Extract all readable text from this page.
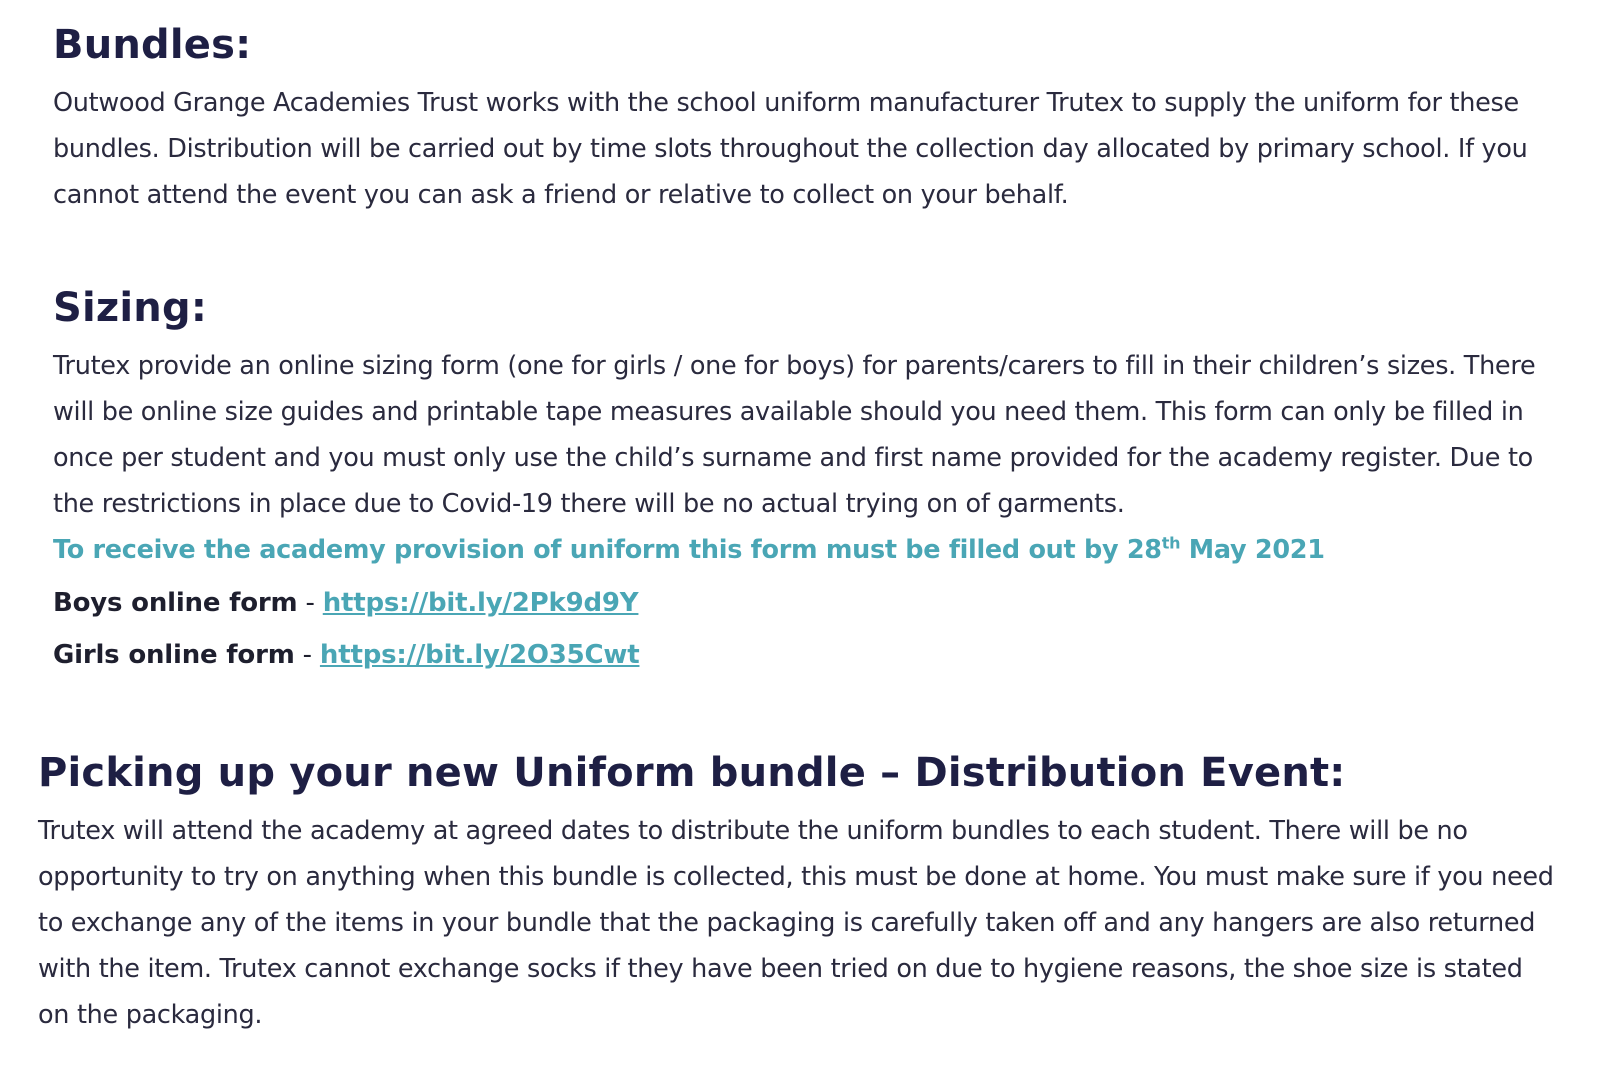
Bundles:

Outwood Grange Academies Trust works with the school uniform manufacturer Trutex to supply the uniform for these bundles. Distribution will be carried out by time slots throughout the collection day allocated by primary school. If you cannot attend the event you can ask a friend or relative to collect on your behalf.

Sizing:

Trutex provide an online sizing form (one for girls / one for boys) for parents/carers to fill in their children’s sizes. There will be online size guides and printable tape measures available should you need them. This form can only be filled in once per student and you must only use the child’s surname and first name provided for the academy register. Due to the restrictions in place due to Covid-19 there will be no actual trying on of garments.

To receive the academy provision of uniform this form must be filled out by 28th May 2021

Boys online form - https://bit.ly/2Pk9d9Y

Girls online form - https://bit.ly/2O35Cwt

Picking up your new Uniform bundle – Distribution Event:

Trutex will attend the academy at agreed dates to distribute the uniform bundles to each student. There will be no opportunity to try on anything when this bundle is collected, this must be done at home. You must make sure if you need to exchange any of the items in your bundle that the packaging is carefully taken off and any hangers are also returned with the item. Trutex cannot exchange socks if they have been tried on due to hygiene reasons, the shoe size is stated on the packaging.
